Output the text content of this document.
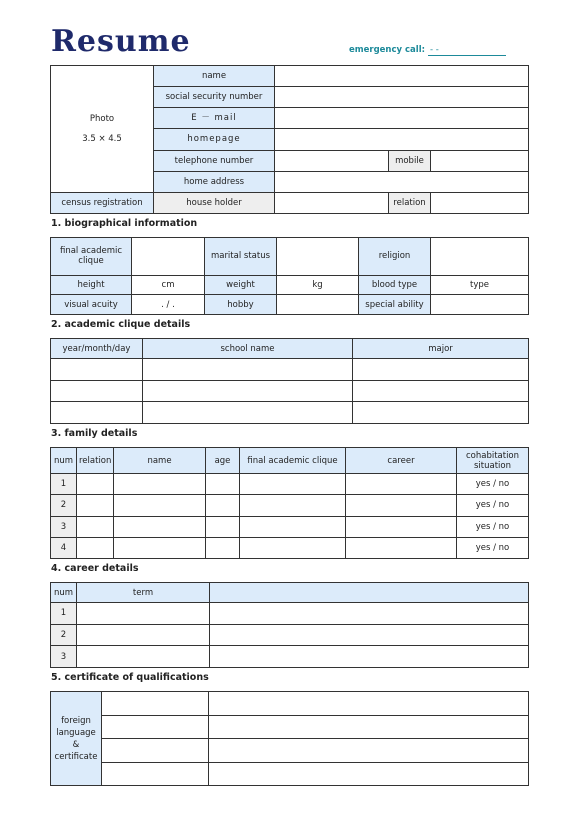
Resume	emergency call: - -
Photo
3.5 × 4.5	name			
	social security number			
	E － mail			
	homepage			
	telephone number		mobile	
	home address			
census registration	house holder		relation	
1. biographical information
final academic clique		marital status		religion	
height	cm	weight	kg	blood type	type
visual acuity	. / .	hobby		special ability	
2. academic clique details
year/month/day	school name	major

3. family details
num	relation	name	age	final academic clique	career	cohabitation situation
1						yes / no
2						yes / no
3						yes / no
4						yes / no
4. career details
num	term	
1		
2		
3		
5. certificate of qualifications
foreign language & certificate		
